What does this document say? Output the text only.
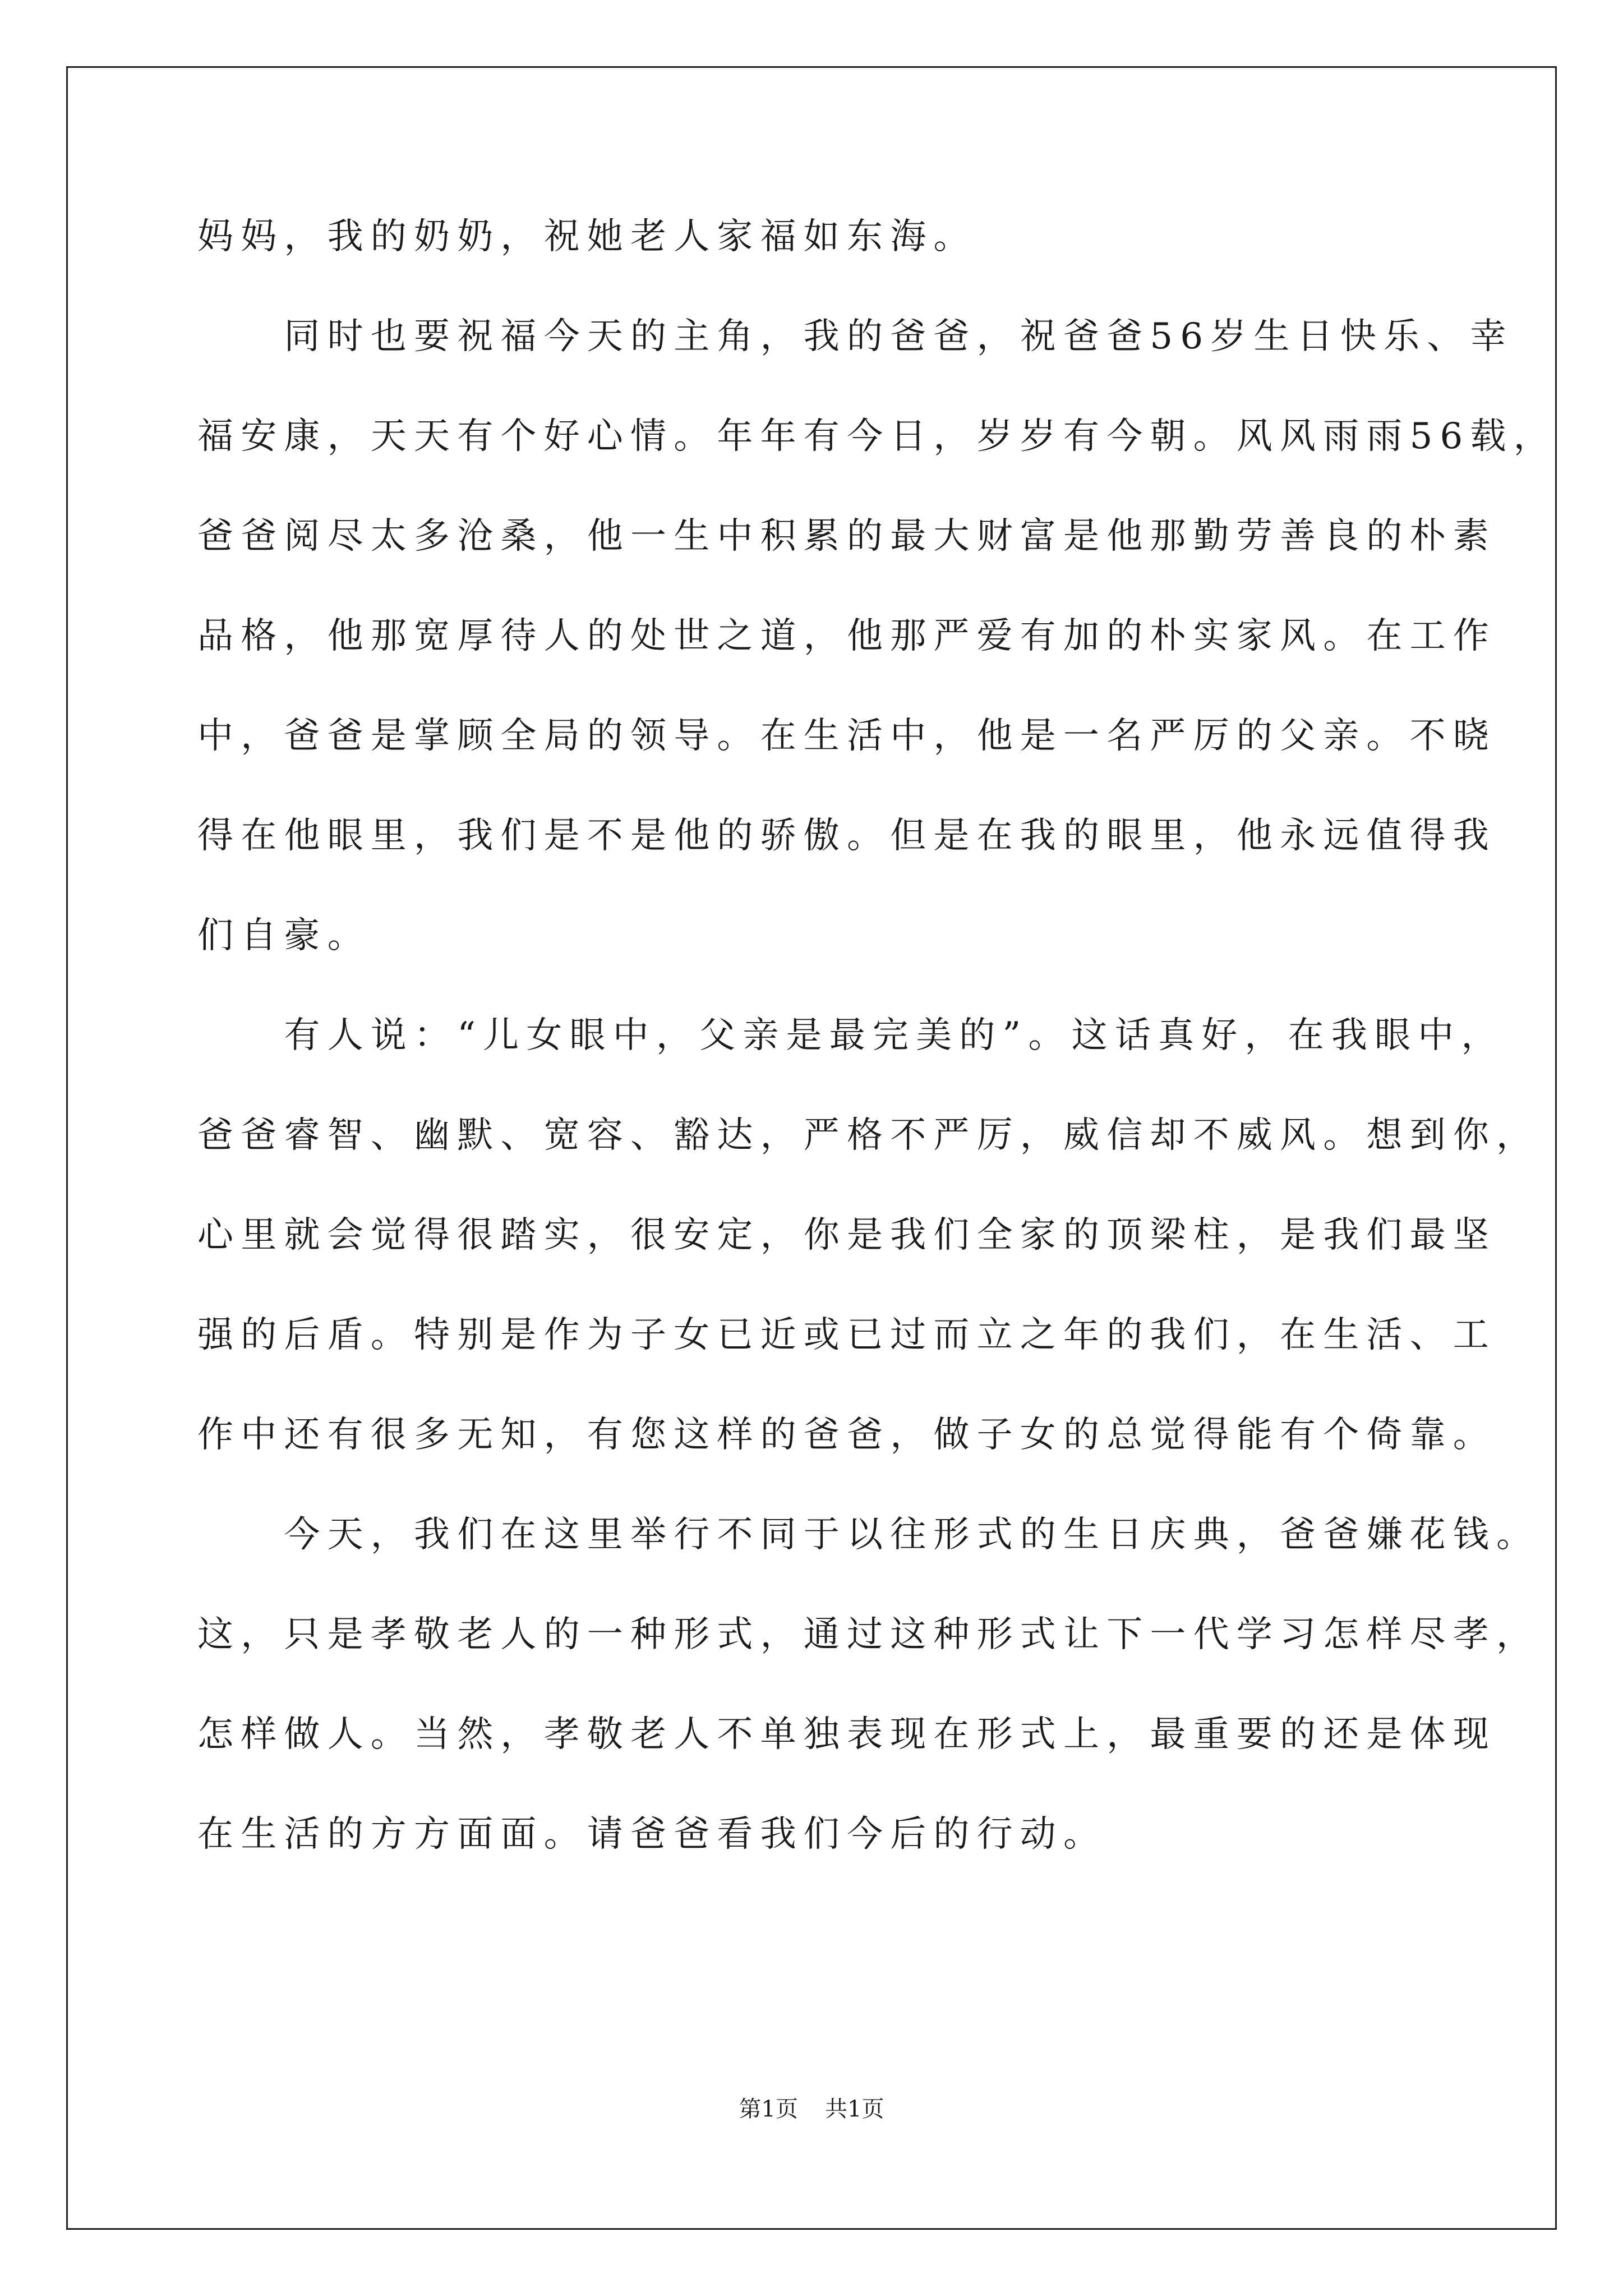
妈妈，我的奶奶，祝她老人家福如东海。
　　同时也要祝福今天的主角，我的爸爸，祝爸爸56岁生日快乐、幸
福安康，天天有个好心情。年年有今日，岁岁有今朝。风风雨雨56载，
爸爸阅尽太多沧桑，他一生中积累的最大财富是他那勤劳善良的朴素
品格，他那宽厚待人的处世之道，他那严爱有加的朴实家风。在工作
中，爸爸是掌顾全局的领导。在生活中，他是一名严厉的父亲。不晓
得在他眼里，我们是不是他的骄傲。但是在我的眼里，他永远值得我
们自豪。
　　有人说：“儿女眼中，父亲是最完美的”。这话真好，在我眼中，
爸爸睿智、幽默、宽容、豁达，严格不严厉，威信却不威风。想到你，
心里就会觉得很踏实，很安定，你是我们全家的顶梁柱，是我们最坚
强的后盾。特别是作为子女已近或已过而立之年的我们，在生活、工
作中还有很多无知，有您这样的爸爸，做子女的总觉得能有个倚靠。
　　今天，我们在这里举行不同于以往形式的生日庆典，爸爸嫌花钱。
这，只是孝敬老人的一种形式，通过这种形式让下一代学习怎样尽孝，
怎样做人。当然，孝敬老人不单独表现在形式上，最重要的还是体现
在生活的方方面面。请爸爸看我们今后的行动。
第1页 共1页
